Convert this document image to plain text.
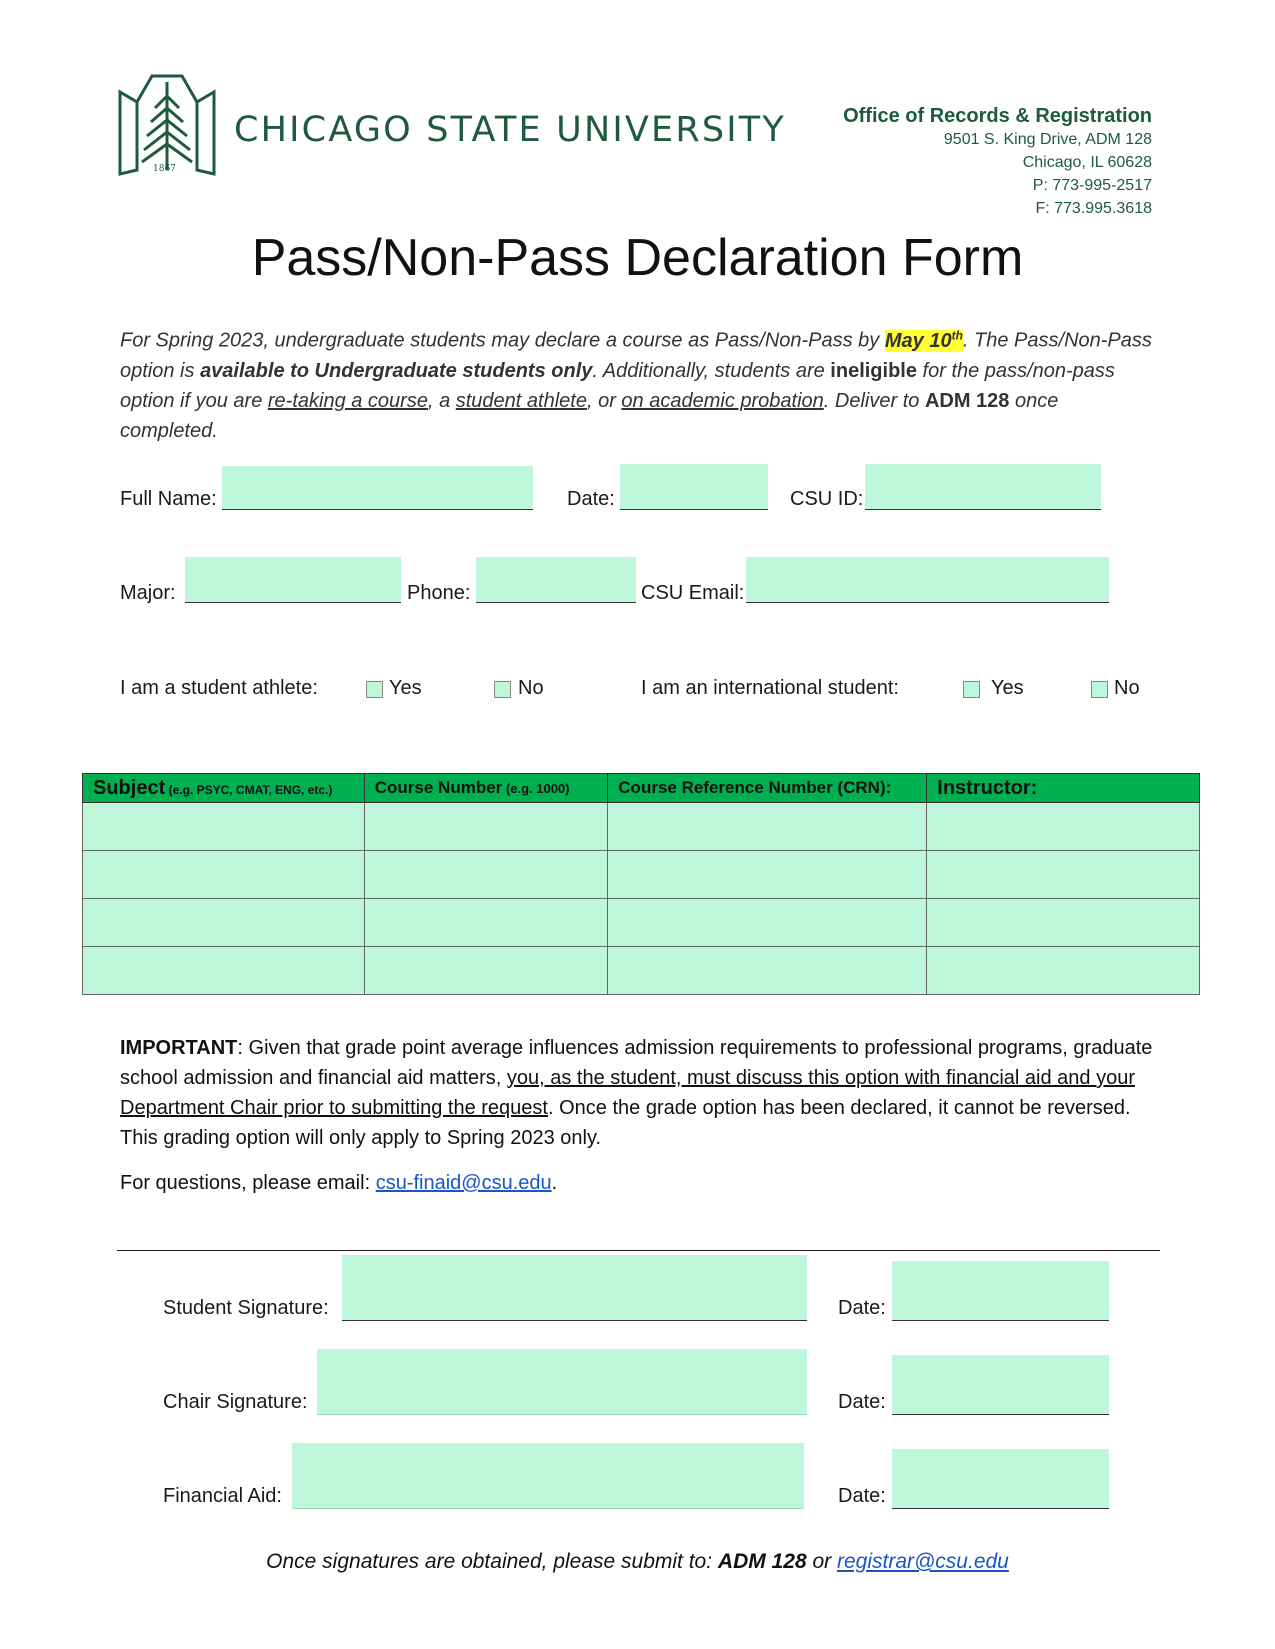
1867
CHICAGO STATE UNIVERSITY	Office of Records & Registration
9501 S. King Drive, ADM 128
Chicago, IL 60628
P: 773-995-2517
F: 773.995.3618
Pass/Non-Pass Declaration Form
For Spring 2023, undergraduate students may declare a course as Pass/Non-Pass by May 10th. The Pass/Non-Pass option is available to Undergraduate students only. Additionally, students are ineligible for the pass/non-pass option if you are re-taking a course, a student athlete, or on academic probation. Deliver to ADM 128 once completed.
Full Name:	Date:	CSU ID:
Major:	Phone:	CSU Email:
I am a student athlete:	Yes	No	I am an international student:	Yes	No
Subject (e.g. PSYC, CMAT, ENG, etc.)	Course Number (e.g. 1000)	Course Reference Number (CRN):	Instructor:

IMPORTANT: Given that grade point average influences admission requirements to professional programs, graduate school admission and financial aid matters, you, as the student, must discuss this option with financial aid and your Department Chair prior to submitting the request. Once the grade option has been declared, it cannot be reversed. This grading option will only apply to Spring 2023 only.
For questions, please email: csu-finaid@csu.edu.
Student Signature:	Date:
Chair Signature:	Date:
Financial Aid:	Date:
Once signatures are obtained, please submit to: ADM 128 or registrar@csu.edu
